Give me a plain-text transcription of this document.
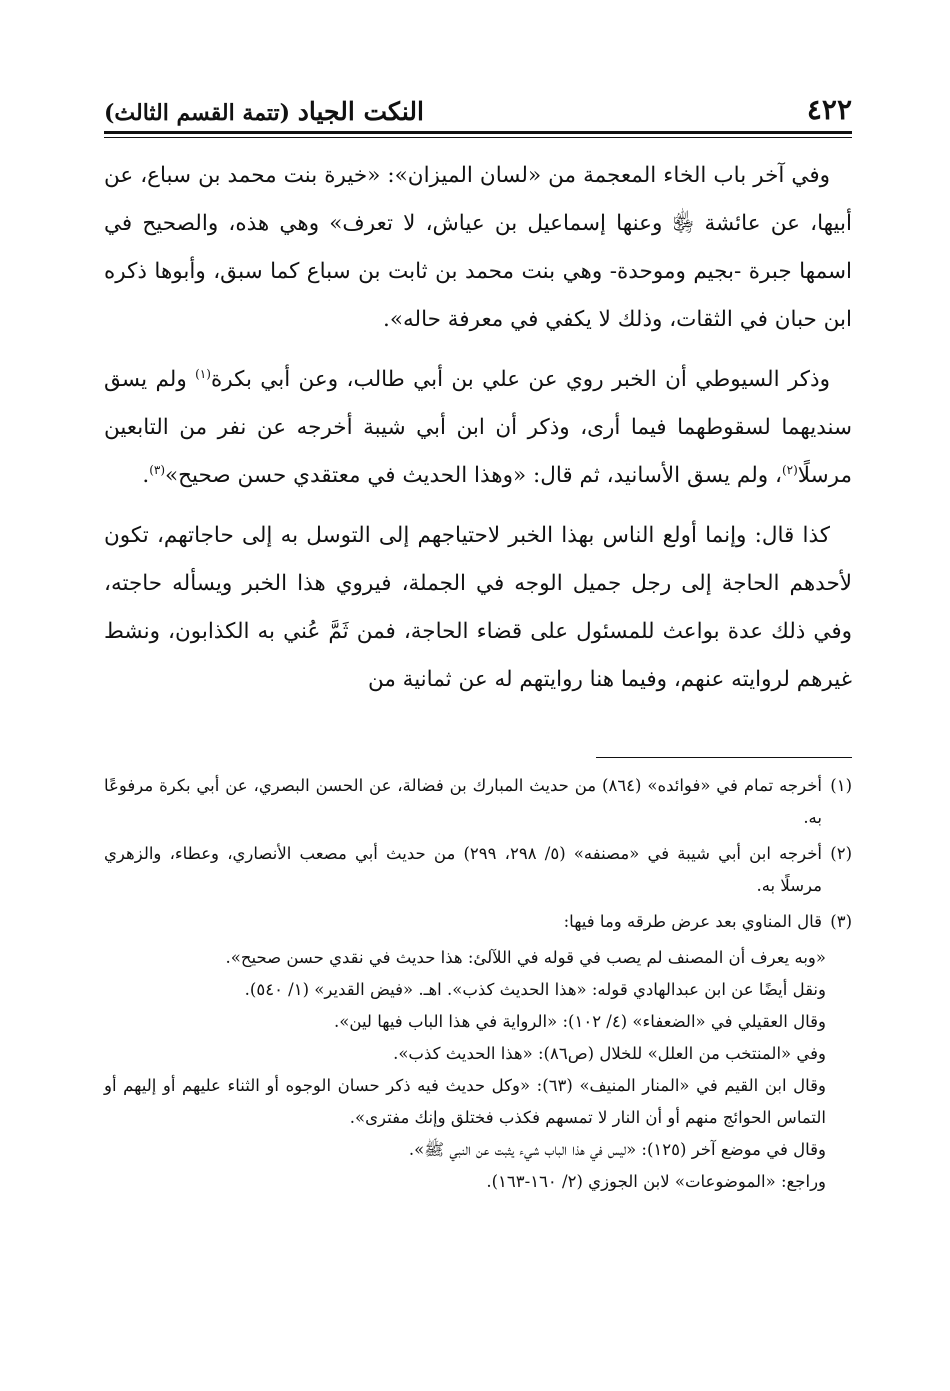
٤٢٢
النكت الجياد (تتمة القسم الثالث)

وفي آخر باب الخاء المعجمة من «لسان الميزان»: «خيرة بنت محمد بن سباع، عن أبيها، عن عائشة ﵂ وعنها إسماعيل بن عياش، لا تعرف» وهي هذه، والصحيح في اسمها جبرة -بجيم وموحدة- وهي بنت محمد بن ثابت بن سباع كما سبق، وأبوها ذكره ابن حبان في الثقات، وذلك لا يكفي في معرفة حاله».

وذكر السيوطي أن الخبر روي عن علي بن أبي طالب، وعن أبي بكرة$^{(١)}$ ولم يسق سنديهما لسقوطهما فيما أرى، وذكر أن ابن أبي شيبة أخرجه عن نفر من التابعين مرسلًا$^{(٢)}$، ولم يسق الأسانيد، ثم قال: «وهذا الحديث في معتقدي حسن صحيح»$^{(٣)}$.

كذا قال: وإنما أولع الناس بهذا الخبر لاحتياجهم إلى التوسل به إلى حاجاتهم، تكون لأحدهم الحاجة إلى رجل جميل الوجه في الجملة، فيروي هذا الخبر ويسأله حاجته، وفي ذلك عدة بواعث للمسئول على قضاء الحاجة، فمن ثَمَّ عُني به الكذابون، ونشط غيرهم لروايته عنهم، وفيما هنا روايتهم له عن ثمانية من

(١)
أخرجه تمام في «فوائده» (٨٦٤) من حديث المبارك بن فضالة، عن الحسن البصري، عن أبي بكرة مرفوعًا به.
(٢)
أخرجه ابن أبي شيبة في «مصنفه» (٥/ ٢٩٨، ٢٩٩) من حديث أبي مصعب الأنصاري، وعطاء، والزهري مرسلًا به.
(٣)
قال المناوي بعد عرض طرقه وما فيها:

«وبه يعرف أن المصنف لم يصب في قوله في اللآلئ: هذا حديث في نقدي حسن صحيح».

ونقل أيضًا عن ابن عبدالهادي قوله: «هذا الحديث كذب». اهـ. «فيض القدير» (١/ ٥٤٠).

وقال العقيلي في «الضعفاء» (٤/ ١٠٢): «الرواية في هذا الباب فيها لين».

وفي «المنتخب من العلل» للخلال (ص٨٦): «هذا الحديث كذب».

وقال ابن القيم في «المنار المنيف» (٦٣): «وكل حديث فيه ذكر حسان الوجوه أو الثناء عليهم أو إليهم أو التماس الحوائج منهم أو أن النار لا تمسهم فكذب فختلق وإنك مفترى».

وقال في موضع آخر (١٢٥): «ليس في هذا الباب شيء يثبت عن النبي ﷺ».

وراجع: «الموضوعات» لابن الجوزي (٢/ ١٦٠-١٦٣).
